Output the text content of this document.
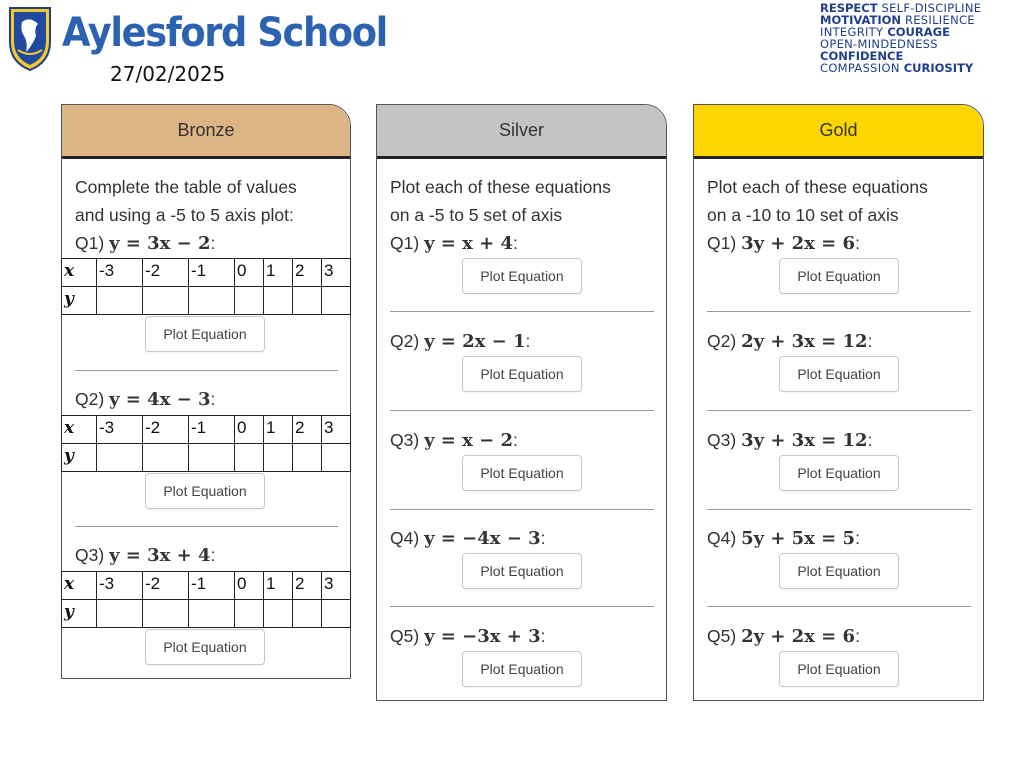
Aylesford School
27/02/2025
RESPECT SELF-DISCIPLINE
MOTIVATION RESILIENCE
INTEGRITY COURAGE
OPEN-MINDEDNESS
CONFIDENCE
COMPASSION CURIOSITY
Bronze
Complete the table of values
and using a -5 to 5 axis plot:
Q1) y = 3x − 2:
x	-3	-2	-1	0	1	2	3
y							
Plot Equation
Q2) y = 4x − 3:
x	-3	-2	-1	0	1	2	3
y							
Plot Equation
Q3) y = 3x + 4:
x	-3	-2	-1	0	1	2	3
y							
Plot Equation
Silver
Plot each of these equations
on a -5 to 5 set of axis
Q1) y = x + 4:
Plot Equation
Q2) y = 2x − 1:
Plot Equation
Q3) y = x − 2:
Plot Equation
Q4) y = −4x − 3:
Plot Equation
Q5) y = −3x + 3:
Plot Equation
Gold
Plot each of these equations
on a -10 to 10 set of axis
Q1) 3y + 2x = 6:
Plot Equation
Q2) 2y + 3x = 12:
Plot Equation
Q3) 3y + 3x = 12:
Plot Equation
Q4) 5y + 5x = 5:
Plot Equation
Q5) 2y + 2x = 6:
Plot Equation
